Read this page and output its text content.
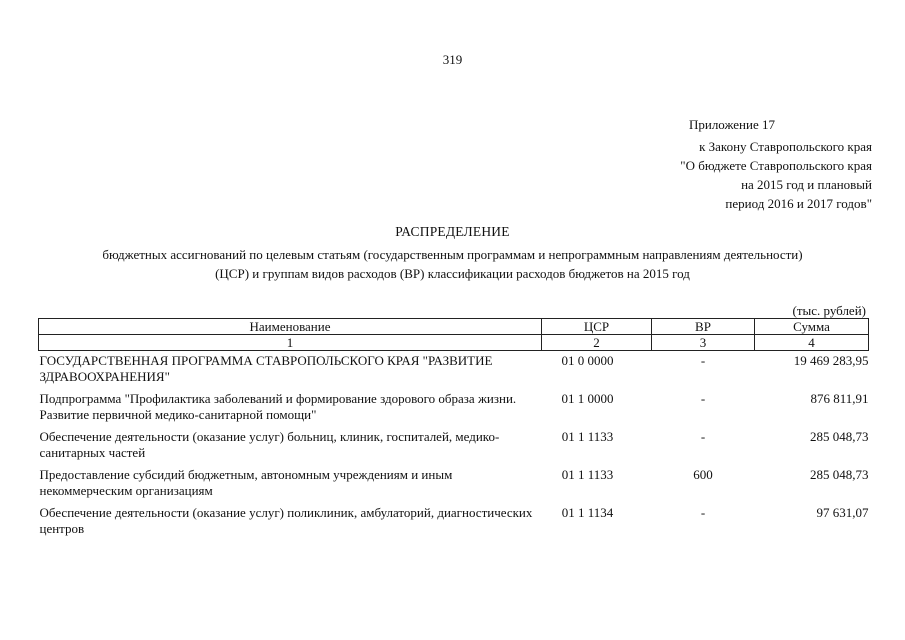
319
Приложение 17
к Закону Ставропольского края
"О бюджете Ставропольского края
на 2015 год и плановый
период 2016 и 2017 годов"
РАСПРЕДЕЛЕНИЕ
бюджетных ассигнований по целевым статьям (государственным программам и непрограммным направлениям деятельности)
(ЦСР) и группам видов расходов (ВР) классификации расходов бюджетов на 2015 год
(тыс. рублей)
Наименование	ЦСР	ВР	Сумма
1	2	3	4
ГОСУДАРСТВЕННАЯ ПРОГРАММА СТАВРОПОЛЬСКОГО КРАЯ "РАЗВИТИЕ ЗДРАВООХРАНЕНИЯ"	01 0 0000	-	19 469 283,95
Подпрограмма "Профилактика заболеваний и формирование здорового образа жизни. Развитие первичной медико-санитарной помощи"	01 1 0000	-	876 811,91
Обеспечение деятельности (оказание услуг) больниц, клиник, госпиталей, медико-санитарных частей	01 1 1133	-	285 048,73
Предоставление субсидий бюджетным, автономным учреждениям и иным некоммерческим организациям	01 1 1133	600	285 048,73
Обеспечение деятельности (оказание услуг) поликлиник, амбулаторий, диагностических центров	01 1 1134	-	97 631,07
